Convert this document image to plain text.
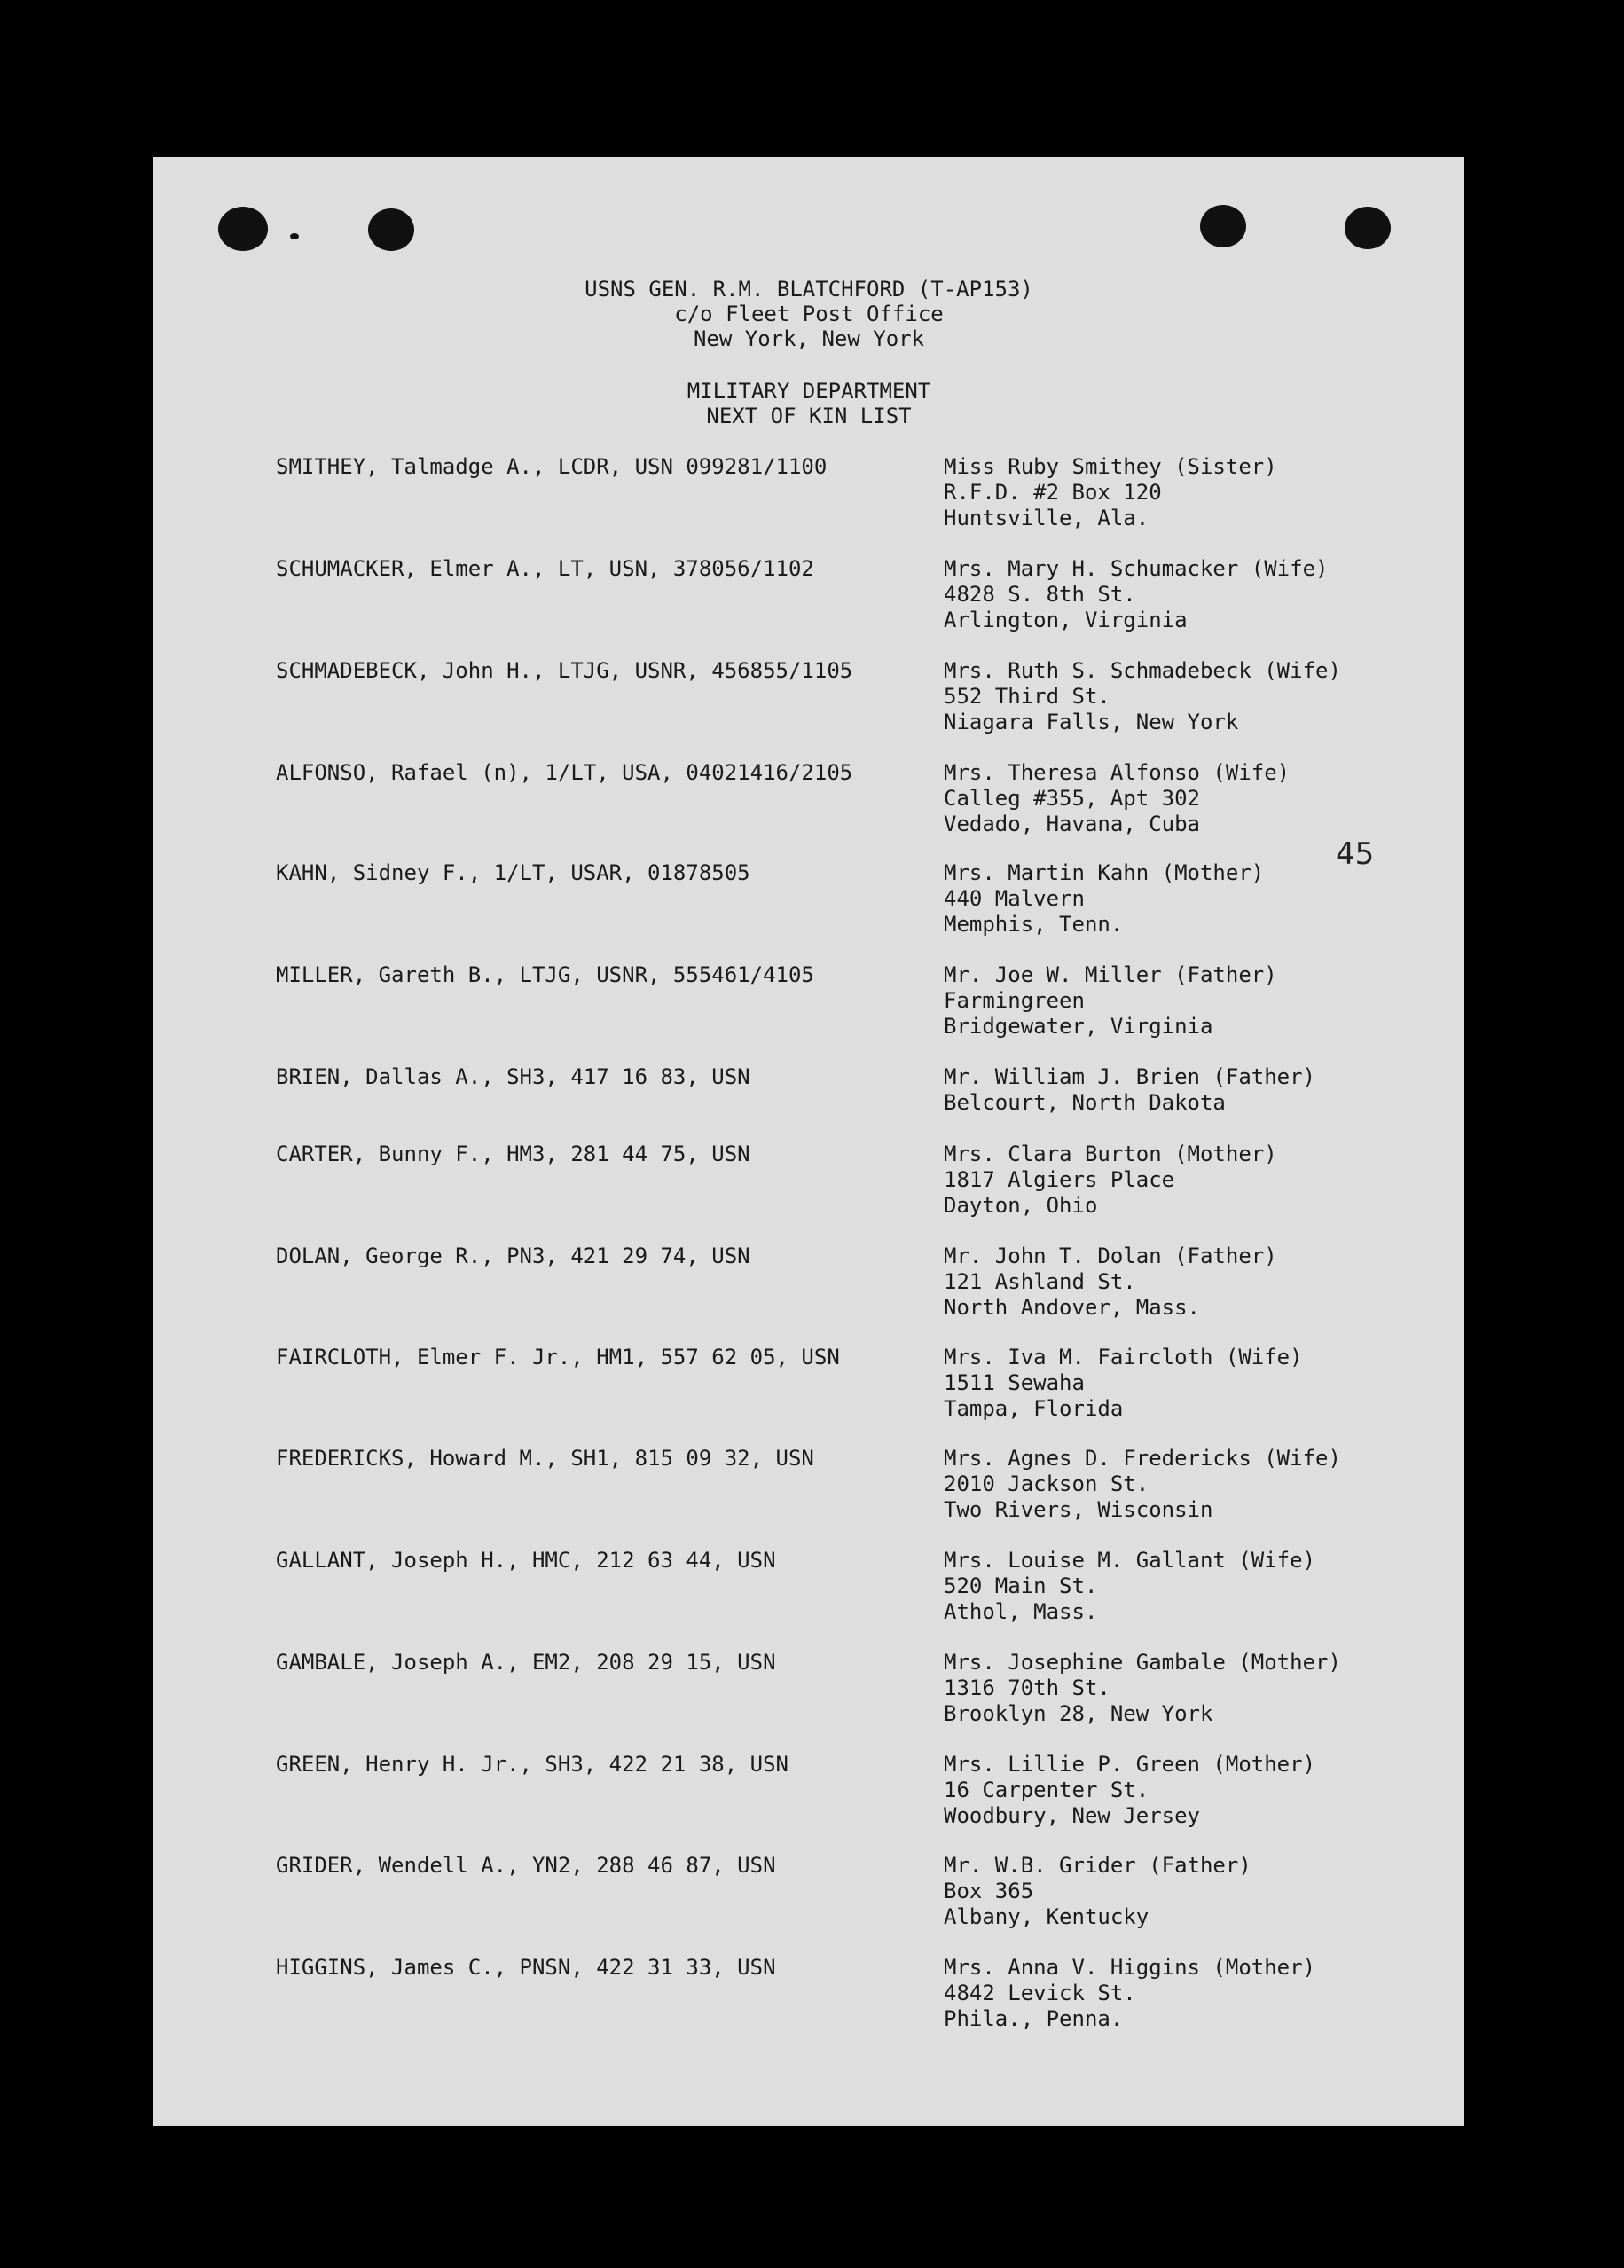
USNS GEN. R.M. BLATCHFORD (T-AP153)
c/o Fleet Post Office
New York, New York
MILITARY DEPARTMENT
NEXT OF KIN LIST
45
SMITHEY, Talmadge A., LCDR, USN 099281/1100	Miss Ruby Smithey (Sister)
R.F.D. #2 Box 120
Huntsville, Ala.
SCHUMACKER, Elmer A., LT, USN, 378056/1102	Mrs. Mary H. Schumacker (Wife)
4828 S. 8th St.
Arlington, Virginia
SCHMADEBECK, John H., LTJG, USNR, 456855/1105	Mrs. Ruth S. Schmadebeck (Wife)
552 Third St.
Niagara Falls, New York
ALFONSO, Rafael (n), 1/LT, USA, 04021416/2105	Mrs. Theresa Alfonso (Wife)
Calleg #355, Apt 302
Vedado, Havana, Cuba
KAHN, Sidney F., 1/LT, USAR, 01878505	Mrs. Martin Kahn (Mother)
440 Malvern
Memphis, Tenn.
MILLER, Gareth B., LTJG, USNR, 555461/4105	Mr. Joe W. Miller (Father)
Farmingreen
Bridgewater, Virginia
BRIEN, Dallas A., SH3, 417 16 83, USN	Mr. William J. Brien (Father)
Belcourt, North Dakota
CARTER, Bunny F., HM3, 281 44 75, USN	Mrs. Clara Burton (Mother)
1817 Algiers Place
Dayton, Ohio
DOLAN, George R., PN3, 421 29 74, USN	Mr. John T. Dolan (Father)
121 Ashland St.
North Andover, Mass.
FAIRCLOTH, Elmer F. Jr., HM1, 557 62 05, USN	Mrs. Iva M. Faircloth (Wife)
1511 Sewaha
Tampa, Florida
FREDERICKS, Howard M., SH1, 815 09 32, USN	Mrs. Agnes D. Fredericks (Wife)
2010 Jackson St.
Two Rivers, Wisconsin
GALLANT, Joseph H., HMC, 212 63 44, USN	Mrs. Louise M. Gallant (Wife)
520 Main St.
Athol, Mass.
GAMBALE, Joseph A., EM2, 208 29 15, USN	Mrs. Josephine Gambale (Mother)
1316 70th St.
Brooklyn 28, New York
GREEN, Henry H. Jr., SH3, 422 21 38, USN	Mrs. Lillie P. Green (Mother)
16 Carpenter St.
Woodbury, New Jersey
GRIDER, Wendell A., YN2, 288 46 87, USN	Mr. W.B. Grider (Father)
Box 365
Albany, Kentucky
HIGGINS, James C., PNSN, 422 31 33, USN	Mrs. Anna V. Higgins (Mother)
4842 Levick St.
Phila., Penna.
